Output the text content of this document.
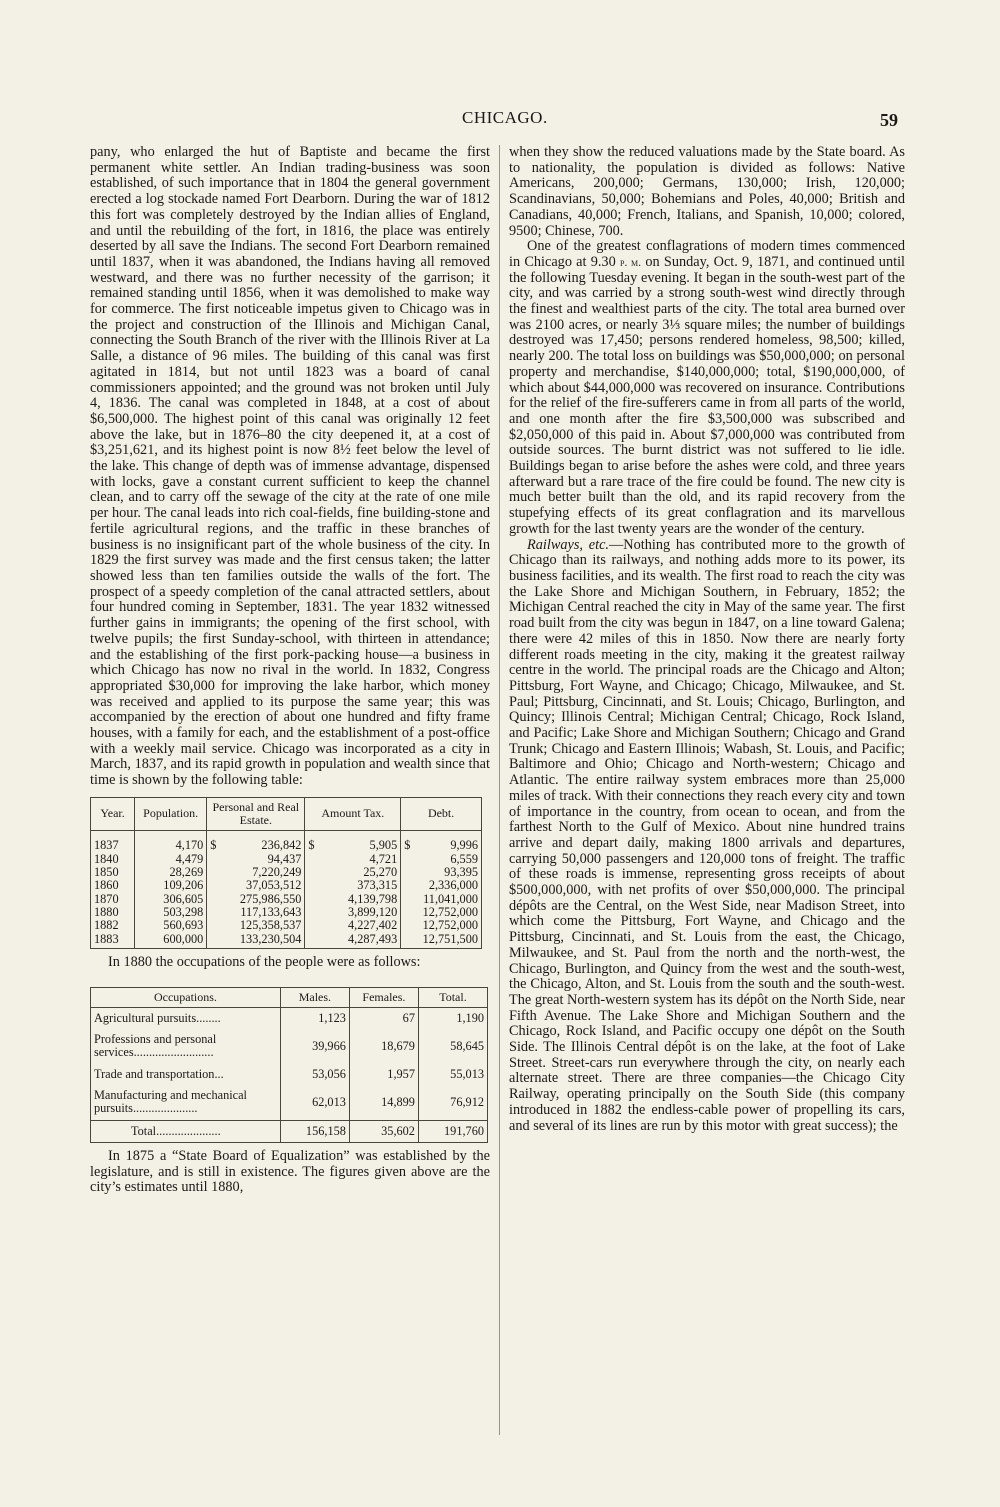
CHICAGO.	59

pany, who enlarged the hut of Baptiste and became the first permanent white settler. An Indian trading-business was soon established, of such importance that in 1804 the general government erected a log stockade named Fort Dearborn. During the war of 1812 this fort was completely destroyed by the Indian allies of England, and until the rebuilding of the fort, in 1816, the place was entirely deserted by all save the Indians. The second Fort Dearborn remained until 1837, when it was abandoned, the Indians having all removed westward, and there was no further necessity of the garrison; it remained standing until 1856, when it was demolished to make way for commerce. The first noticeable impetus given to Chicago was in the project and construction of the Illinois and Michigan Canal, connecting the South Branch of the river with the Illinois River at La Salle, a distance of 96 miles. The building of this canal was first agitated in 1814, but not until 1823 was a board of canal commissioners appointed; and the ground was not broken until July 4, 1836. The canal was completed in 1848, at a cost of about $6,500,000. The highest point of this canal was originally 12 feet above the lake, but in 1876–80 the city deepened it, at a cost of $3,251,621, and its highest point is now 8½ feet below the level of the lake. This change of depth was of immense advantage, dispensed with locks, gave a constant current sufficient to keep the channel clean, and to carry off the sewage of the city at the rate of one mile per hour. The canal leads into rich coal-fields, fine building-stone and fertile agricultural regions, and the traffic in these branches of business is no insignificant part of the whole business of the city. In 1829 the first survey was made and the first census taken; the latter showed less than ten families outside the walls of the fort. The prospect of a speedy completion of the canal attracted settlers, about four hundred coming in September, 1831. The year 1832 witnessed further gains in immigrants; the opening of the first school, with twelve pupils; the first Sunday-school, with thirteen in attendance; and the establishing of the first pork-packing house—a business in which Chicago has now no rival in the world. In 1832, Congress appropriated $30,000 for improving the lake harbor, which money was received and applied to its purpose the same year; this was accompanied by the erection of about one hundred and fifty frame houses, with a family for each, and the establishment of a post-office with a weekly mail service. Chicago was incorporated as a city in March, 1837, and its rapid growth in population and wealth since that time is shown by the following table:

Year.	Population.	Personal and Real Estate.	Amount Tax.	Debt.
1837	4,170	$ 236,842	$ 5,905	$ 9,996
1840	4,479	94,437	4,721	6,559
1850	28,269	7,220,249	25,270	93,395
1860	109,206	37,053,512	373,315	2,336,000
1870	306,605	275,986,550	4,139,798	11,041,000
1880	503,298	117,133,643	3,899,120	12,752,000
1882	560,693	125,358,537	4,227,402	12,752,000
1883	600,000	133,230,504	4,287,493	12,751,500

In 1880 the occupations of the people were as follows:

Occupations.	Males.	Females.	Total.
Agricultural pursuits........	1,123	67	1,190
Professions and personal services..........................	39,966	18,679	58,645
Trade and transportation...	53,056	1,957	55,013
Manufacturing and mechanical pursuits.....................	62,013	14,899	76,912
Total.....................	156,158	35,602	191,760

In 1875 a “State Board of Equalization” was established by the legislature, and is still in existence. The figures given above are the city’s estimates until 1880,

when they show the reduced valuations made by the State board. As to nationality, the population is divided as follows: Native Americans, 200,000; Germans, 130,000; Irish, 120,000; Scandinavians, 50,000; Bohemians and Poles, 40,000; British and Canadians, 40,000; French, Italians, and Spanish, 10,000; colored, 9500; Chinese, 700.

One of the greatest conflagrations of modern times commenced in Chicago at 9.30 p. m. on Sunday, Oct. 9, 1871, and continued until the following Tuesday evening. It began in the south-west part of the city, and was carried by a strong south-west wind directly through the finest and wealthiest parts of the city. The total area burned over was 2100 acres, or nearly 3⅓ square miles; the number of buildings destroyed was 17,450; persons rendered homeless, 98,500; killed, nearly 200. The total loss on buildings was $50,000,000; on personal property and merchandise, $140,000,000; total, $190,000,000, of which about $44,000,000 was recovered on insurance. Contributions for the relief of the fire-sufferers came in from all parts of the world, and one month after the fire $3,500,000 was subscribed and $2,050,000 of this paid in. About $7,000,000 was contributed from outside sources. The burnt district was not suffered to lie idle. Buildings began to arise before the ashes were cold, and three years afterward but a rare trace of the fire could be found. The new city is much better built than the old, and its rapid recovery from the stupefying effects of its great conflagration and its marvellous growth for the last twenty years are the wonder of the century.

Railways, etc.—Nothing has contributed more to the growth of Chicago than its railways, and nothing adds more to its power, its business facilities, and its wealth. The first road to reach the city was the Lake Shore and Michigan Southern, in February, 1852; the Michigan Central reached the city in May of the same year. The first road built from the city was begun in 1847, on a line toward Galena; there were 42 miles of this in 1850. Now there are nearly forty different roads meeting in the city, making it the greatest railway centre in the world. The principal roads are the Chicago and Alton; Pittsburg, Fort Wayne, and Chicago; Chicago, Milwaukee, and St. Paul; Pittsburg, Cincinnati, and St. Louis; Chicago, Burlington, and Quincy; Illinois Central; Michigan Central; Chicago, Rock Island, and Pacific; Lake Shore and Michigan Southern; Chicago and Grand Trunk; Chicago and Eastern Illinois; Wabash, St. Louis, and Pacific; Baltimore and Ohio; Chicago and North-western; Chicago and Atlantic. The entire railway system embraces more than 25,000 miles of track. With their connections they reach every city and town of importance in the country, from ocean to ocean, and from the farthest North to the Gulf of Mexico. About nine hundred trains arrive and depart daily, making 1800 arrivals and departures, carrying 50,000 passengers and 120,000 tons of freight. The traffic of these roads is immense, representing gross receipts of about $500,000,000, with net profits of over $50,000,000. The principal dépôts are the Central, on the West Side, near Madison Street, into which come the Pittsburg, Fort Wayne, and Chicago and the Pittsburg, Cincinnati, and St. Louis from the east, the Chicago, Milwaukee, and St. Paul from the north and the north-west, the Chicago, Burlington, and Quincy from the west and the south-west, the Chicago, Alton, and St. Louis from the south and the south-west. The great North-western system has its dépôt on the North Side, near Fifth Avenue. The Lake Shore and Michigan Southern and the Chicago, Rock Island, and Pacific occupy one dépôt on the South Side. The Illinois Central dépôt is on the lake, at the foot of Lake Street. Street-cars run everywhere through the city, on nearly each alternate street. There are three companies—the Chicago City Railway, operating principally on the South Side (this company introduced in 1882 the endless-cable power of propelling its cars, and several of its lines are run by this motor with great success); the
